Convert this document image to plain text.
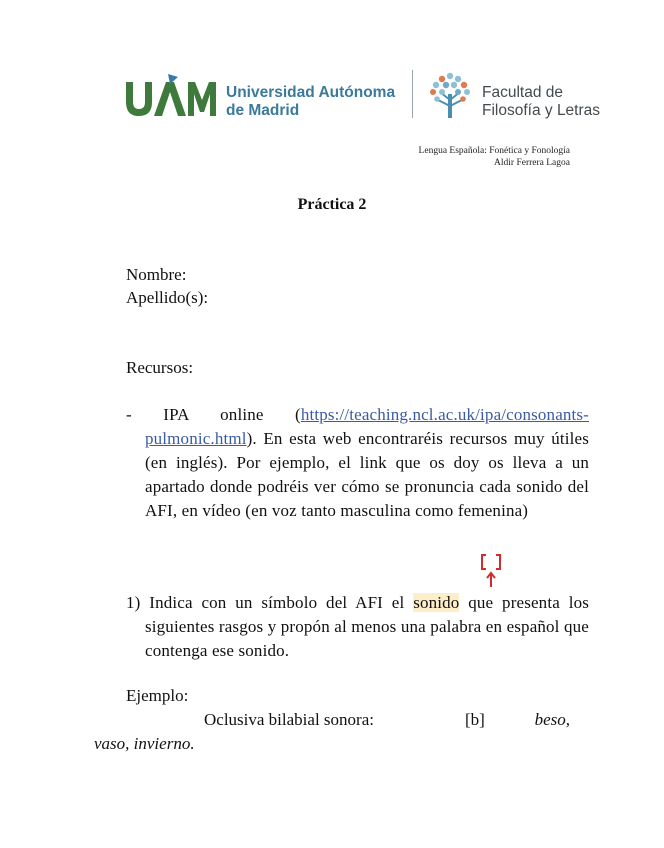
Universidad Autónoma
de Madrid
Facultad de
Filosofía y Letras
Lengua Española: Fonética y Fonología
Aldir Ferrera Lagoa
Práctica 2
Nombre:
Apellido(s):
Recursos:
- IPA online (https://teaching.ncl.ac.uk/ipa/consonants-pulmonic.html). En esta web encontraréis recursos muy útiles (en inglés). Por ejemplo, el link que os doy os lleva a un apartado donde podréis ver cómo se pronuncia cada sonido del AFI, en vídeo (en voz tanto masculina como femenina)
1) Indica con un símbolo del AFI el sonido que presenta los siguientes rasgos y propón al menos una palabra en español que contenga ese sonido.
Ejemplo:
Oclusiva bilabial sonora:	[b]	beso,
vaso, invierno.
